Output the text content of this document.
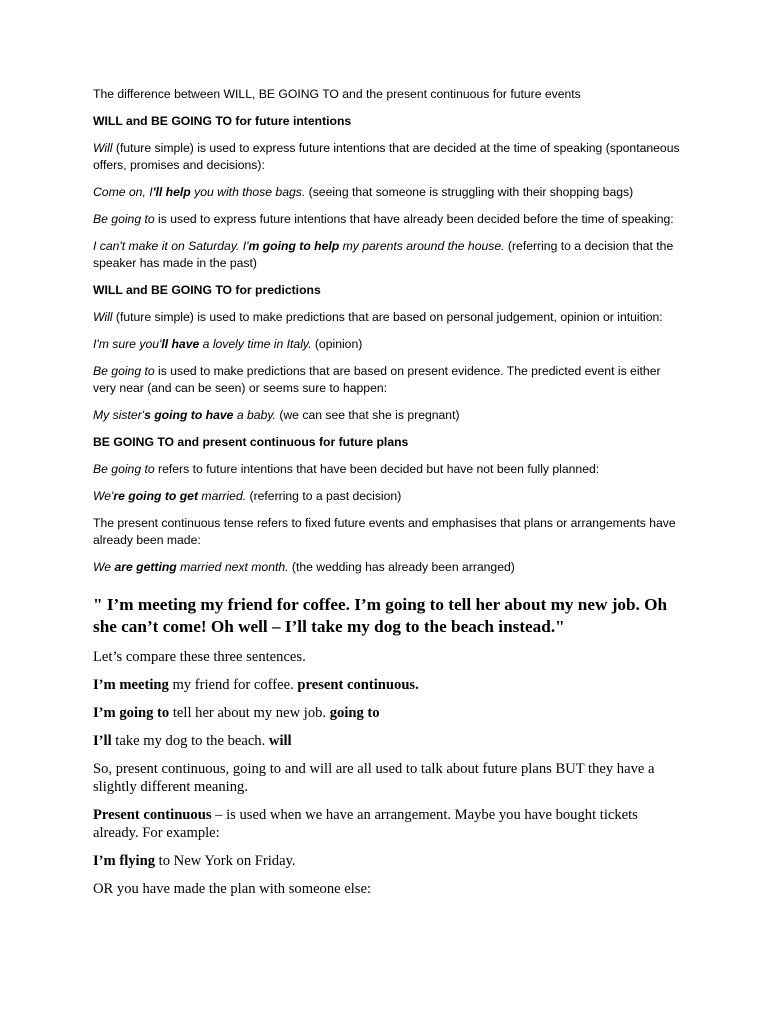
The difference between WILL, BE GOING TO and the present continuous for future events

WILL and BE GOING TO for future intentions

Will (future simple) is used to express future intentions that are decided at the time of speaking (spontaneous offers, promises and decisions):

Come on, I'll help you with those bags. (seeing that someone is struggling with their shopping bags)

Be going to is used to express future intentions that have already been decided before the time of speaking:

I can't make it on Saturday. I'm going to help my parents around the house. (referring to a decision that the speaker has made in the past)

WILL and BE GOING TO for predictions

Will (future simple) is used to make predictions that are based on personal judgement, opinion or intuition:

I'm sure you'll have a lovely time in Italy. (opinion)

Be going to is used to make predictions that are based on present evidence. The predicted event is either very near (and can be seen) or seems sure to happen:

My sister's going to have a baby. (we can see that she is pregnant)

BE GOING TO and present continuous for future plans

Be going to refers to future intentions that have been decided but have not been fully planned:

We're going to get married. (referring to a past decision)

The present continuous tense refers to fixed future events and emphasises that plans or arrangements have already been made:

We are getting married next month. (the wedding has already been arranged)

" I’m meeting my friend for coffee. I’m going to tell her about my new job. Oh she can’t come! Oh well – I’ll take my dog to the beach instead."

Let’s compare these three sentences.

I’m meeting my friend for coffee. present continuous.

I’m going to tell her about my new job. going to

I’ll take my dog to the beach. will

So, present continuous, going to and will are all used to talk about future plans BUT they have a slightly different meaning.

Present continuous – is used when we have an arrangement. Maybe you have bought tickets already. For example:

I’m flying to New York on Friday.

OR you have made the plan with someone else:
